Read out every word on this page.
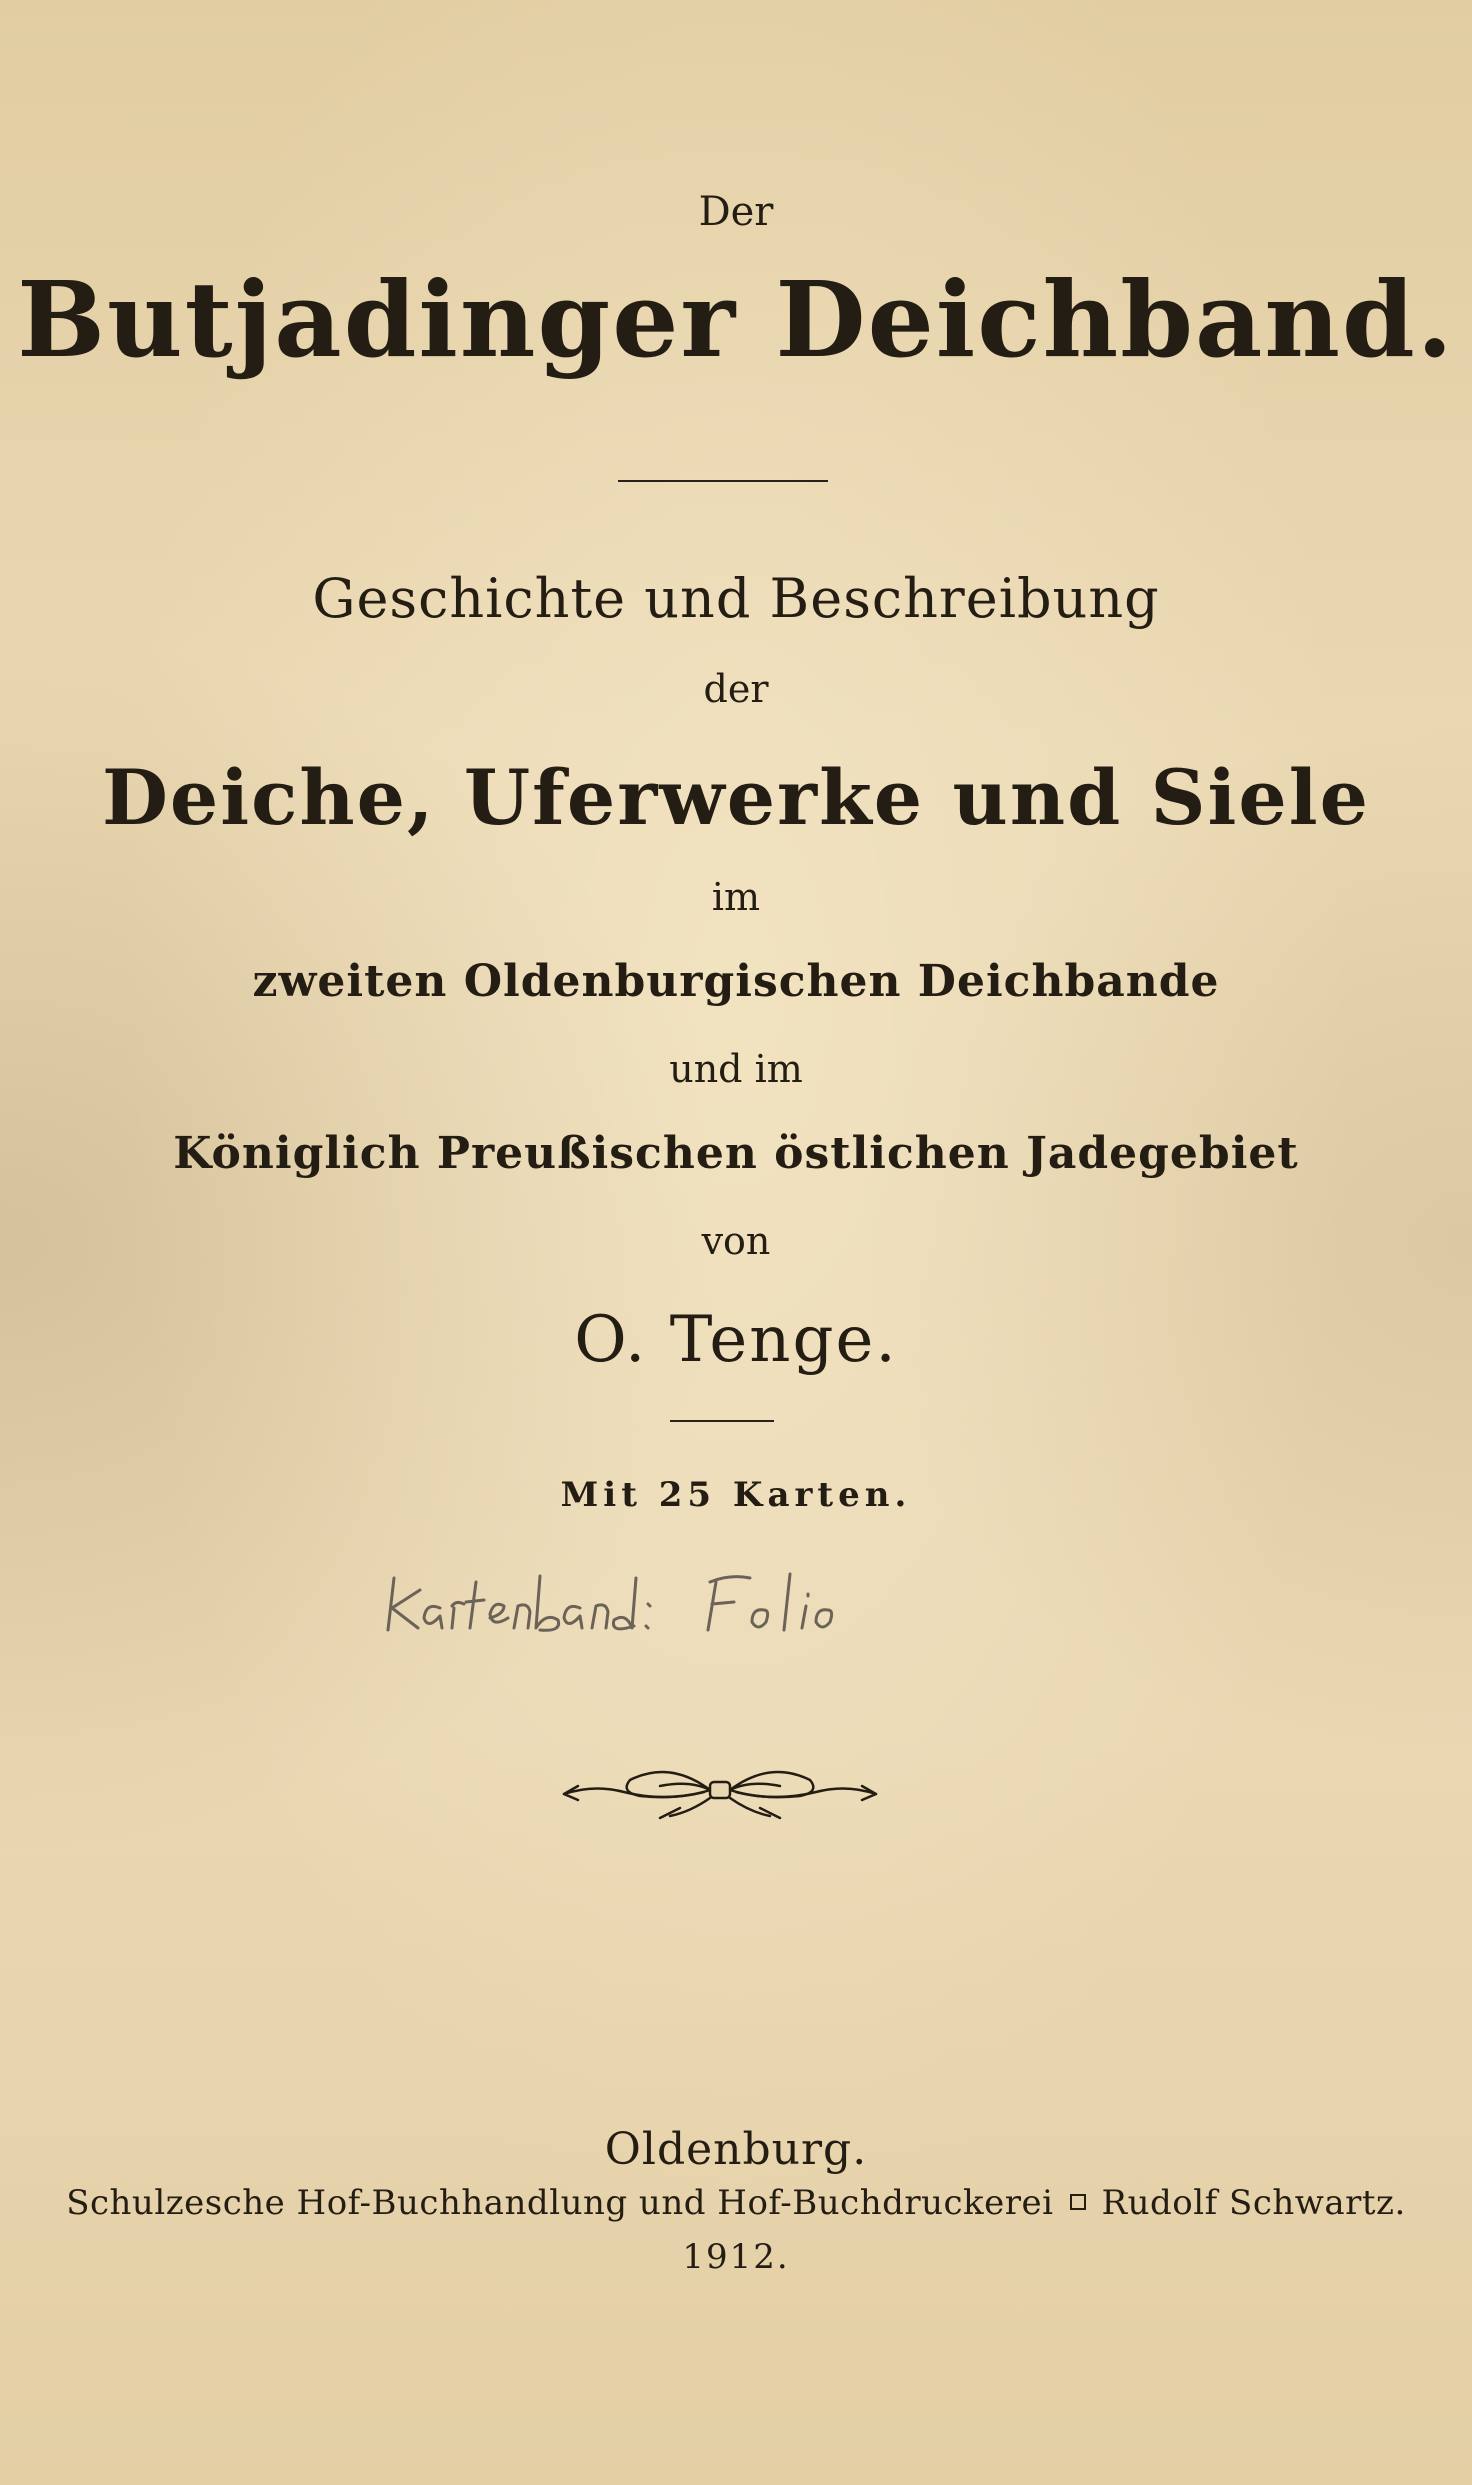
Der
Butjadinger Deichband.
Geschichte und Beschreibung
der
Deiche, Uferwerke und Siele
im
zweiten Oldenburgischen Deichbande
und im
Königlich Preußischen östlichen Jadegebiet
von
O. Tenge.
Mit 25 Karten.
Oldenburg.
Schulzesche Hof-Buchhandlung und Hof-Buchdruckerei Rudolf Schwartz.
1912.
